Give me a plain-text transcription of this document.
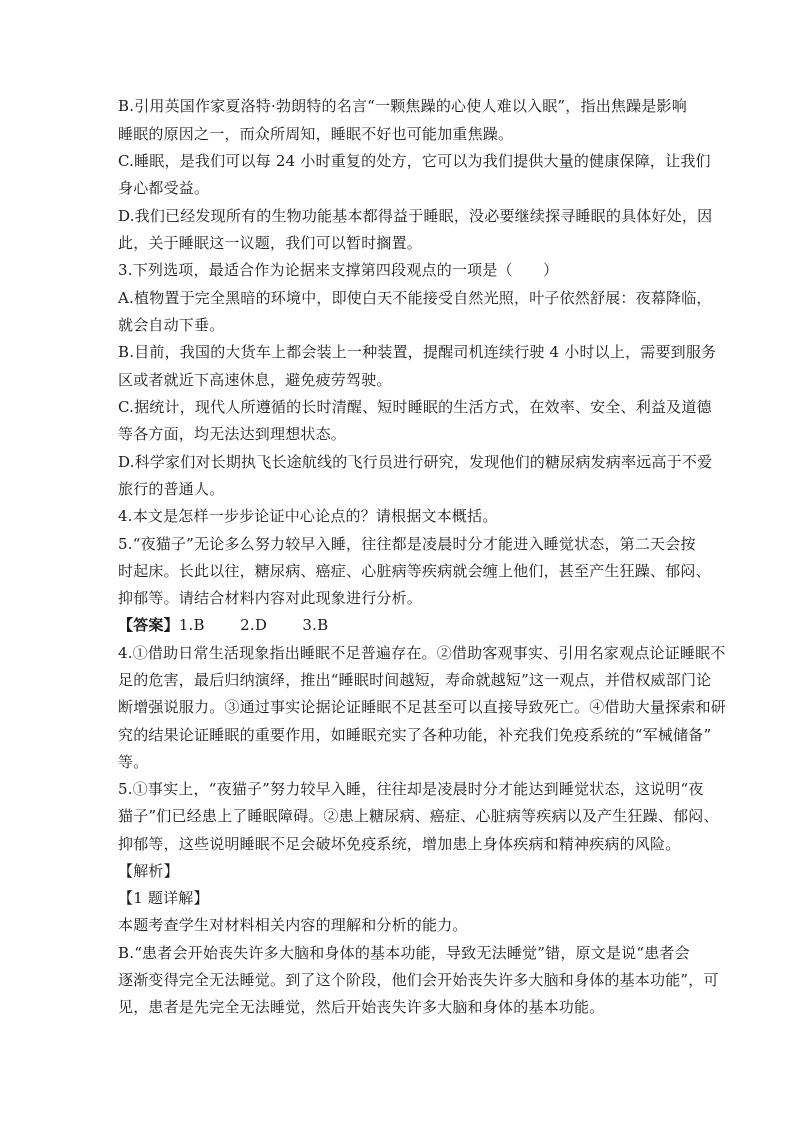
B.引用英国作家夏洛特·勃朗特的名言“一颗焦躁的心使人难以入眠”，指出焦躁是影响
睡眠的原因之一，而众所周知，睡眠不好也可能加重焦躁。
C.睡眠，是我们可以每 24 小时重复的处方，它可以为我们提供大量的健康保障，让我们
身心都受益。
D.我们已经发现所有的生物功能基本都得益于睡眠，没必要继续探寻睡眠的具体好处，因
此，关于睡眠这一议题，我们可以暂时搁置。
3.下列选项，最适合作为论据来支撑第四段观点的一项是（　　）
A.植物置于完全黑暗的环境中，即使白天不能接受自然光照，叶子依然舒展：夜幕降临，
就会自动下垂。
B.目前，我国的大货车上都会装上一种装置，提醒司机连续行驶 4 小时以上，需要到服务
区或者就近下高速休息，避免疲劳驾驶。
C.据统计，现代人所遵循的长时清醒、短时睡眠的生活方式，在效率、安全、利益及道德
等各方面，均无法达到理想状态。
D.科学家们对长期执飞长途航线的飞行员进行研究，发现他们的糖尿病发病率远高于不爱
旅行的普通人。
4.本文是怎样一步步论证中心论点的？请根据文本概括。
5.“夜猫子”无论多么努力较早入睡，往往都是凌晨时分才能进入睡觉状态，第二天会按
时起床。长此以往，糖尿病、癌症、心脏病等疾病就会缠上他们，甚至产生狂躁、郁闷、
抑郁等。请结合材料内容对此现象进行分析。
【答案】1.B　　 2.D　　 3.B
4.①借助日常生活现象指出睡眠不足普遍存在。②借助客观事实、引用名家观点论证睡眠不
足的危害，最后归纳演绎，推出“睡眠时间越短，寿命就越短”这一观点，并借权威部门论
断增强说服力。③通过事实论据论证睡眠不足甚至可以直接导致死亡。④借助大量探索和研
究的结果论证睡眠的重要作用，如睡眠充实了各种功能，补充我们免疫系统的“军械储备”
等。
5.①事实上，“夜猫子”努力较早入睡，往往却是凌晨时分才能达到睡觉状态，这说明“夜
猫子”们已经患上了睡眠障碍。②患上糖尿病、癌症、心脏病等疾病以及产生狂躁、郁闷、
抑郁等，这些说明睡眠不足会破坏免疫系统，增加患上身体疾病和精神疾病的风险。
【解析】
【1 题详解】
本题考查学生对材料相关内容的理解和分析的能力。
B.“患者会开始丧失许多大脑和身体的基本功能，导致无法睡觉”错，原文是说“患者会
逐渐变得完全无法睡觉。到了这个阶段，他们会开始丧失许多大脑和身体的基本功能”，可
见，患者是先完全无法睡觉，然后开始丧失许多大脑和身体的基本功能。
